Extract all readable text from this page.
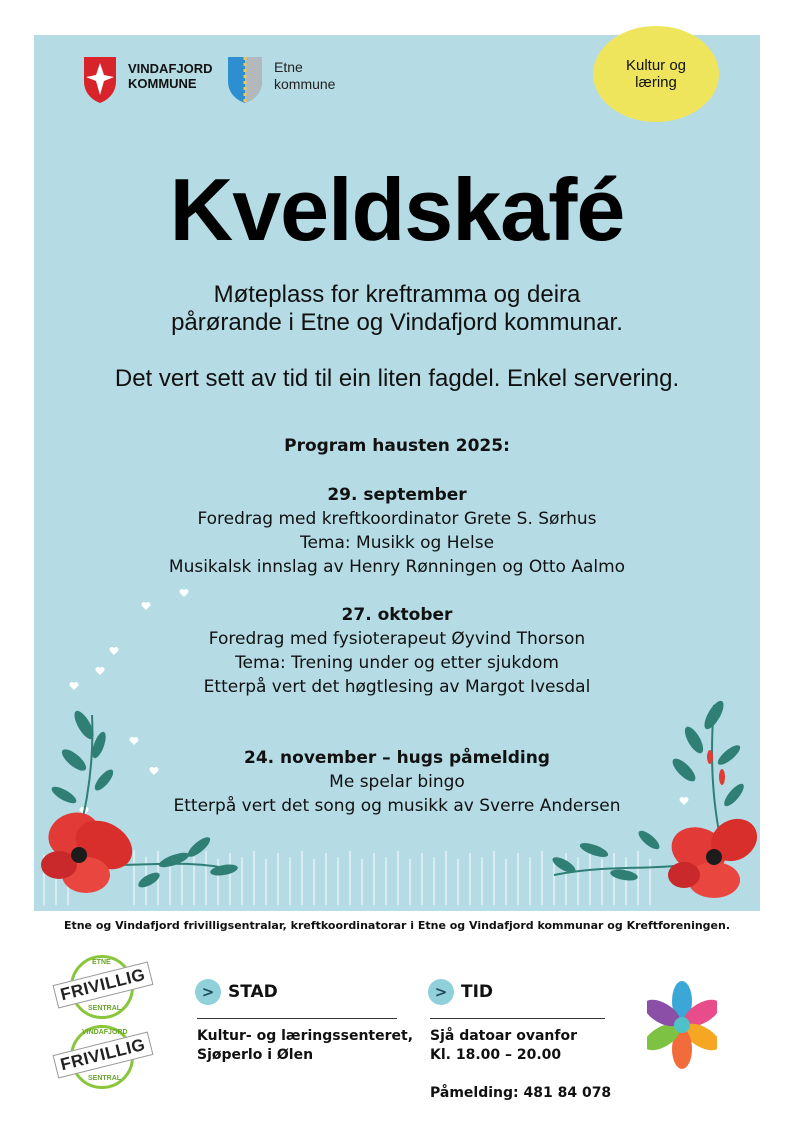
VINDAFJORD
KOMMUNE
Etne
kommune
Kultur og
læring
Kveldskafé
Møteplass for kreftramma og deira
pårørande i Etne og Vindafjord kommunar.
Det vert sett av tid til ein liten fagdel. Enkel servering.
Program hausten 2025:
29. september
Foredrag med kreftkoordinator Grete S. Sørhus
Tema: Musikk og Helse
Musikalsk innslag av Henry Rønningen og Otto Aalmo
27. oktober
Foredrag med fysioterapeut Øyvind Thorson
Tema: Trening under og etter sjukdom
Etterpå vert det høgtlesing av Margot Ivesdal
24. november – hugs påmelding
Me spelar bingo
Etterpå vert det song og musikk av Sverre Andersen
Etne og Vindafjord frivilligsentralar, kreftkoordinatorar i Etne og Vindafjord kommunar og Kreftforeningen.
ETNE
FRIVILLIG
SENTRAL
VINDAFJORD
FRIVILLIG
SENTRAL
> STAD
Kultur- og læringssenteret,
Sjøperlo i Ølen
> TID
Sjå datoar ovanfor
Kl. 18.00 – 20.00
Påmelding: 481 84 078
